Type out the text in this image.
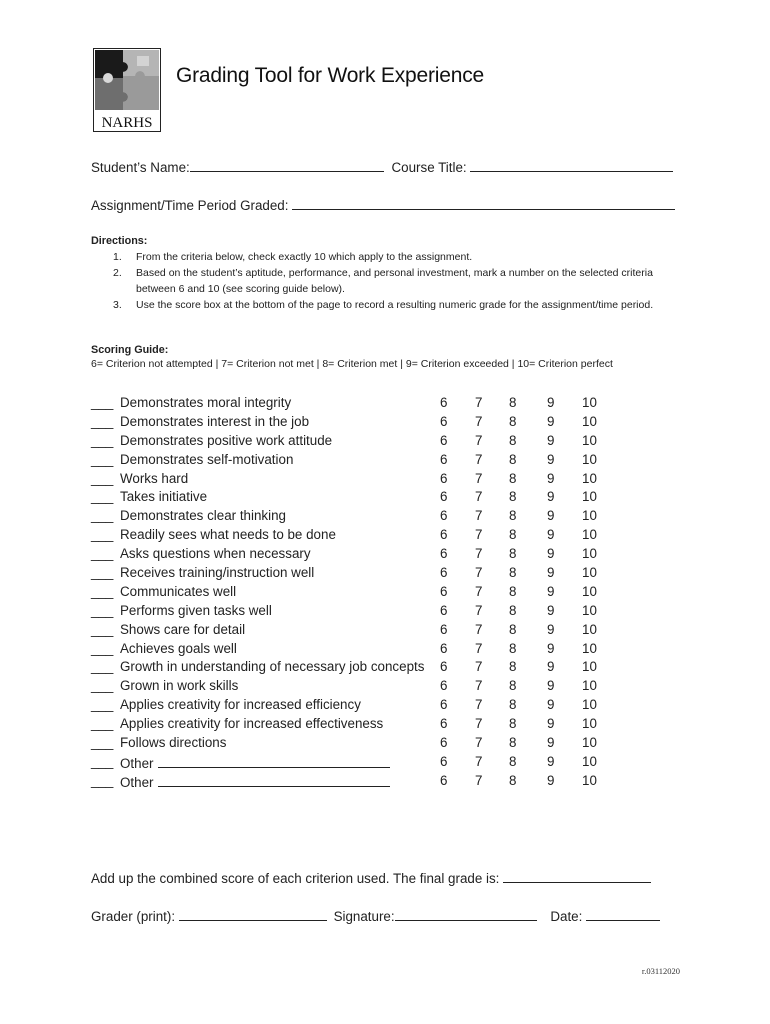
NARHS
Grading Tool for Work Experience
Student’s Name:	Course Title:
Assignment/Time Period Graded:
Directions:
1. From the criteria below, check exactly 10 which apply to the assignment.
2. Based on the student’s aptitude, performance, and personal investment, mark a number on the selected criteria between 6 and 10 (see scoring guide below).
3. Use the score box at the bottom of the page to record a resulting numeric grade for the assignment/time period.
Scoring Guide:
6= Criterion not attempted | 7= Criterion not met | 8= Criterion met | 9= Criterion exceeded | 10= Criterion perfect
___ Demonstrates moral integrity	6 7 8 9 10
___ Demonstrates interest in the job	6 7 8 9 10
___ Demonstrates positive work attitude	6 7 8 9 10
___ Demonstrates self-motivation	6 7 8 9 10
___ Works hard	6 7 8 9 10
___ Takes initiative	6 7 8 9 10
___ Demonstrates clear thinking	6 7 8 9 10
___ Readily sees what needs to be done	6 7 8 9 10
___ Asks questions when necessary	6 7 8 9 10
___ Receives training/instruction well	6 7 8 9 10
___ Communicates well	6 7 8 9 10
___ Performs given tasks well	6 7 8 9 10
___ Shows care for detail	6 7 8 9 10
___ Achieves goals well	6 7 8 9 10
___ Growth in understanding of necessary job concepts 6 7 8 9 10
___ Grown in work skills	6 7 8 9 10
___ Applies creativity for increased efficiency	6 7 8 9 10
___ Applies creativity for increased effectiveness	6 7 8 9 10
___ Follows directions	6 7 8 9 10
___ Other	6 7 8 9 10
___ Other	6 7 8 9 10
Add up the combined score of each criterion used. The final grade is:
Grader (print):	Signature:	Date:
r.03112020
